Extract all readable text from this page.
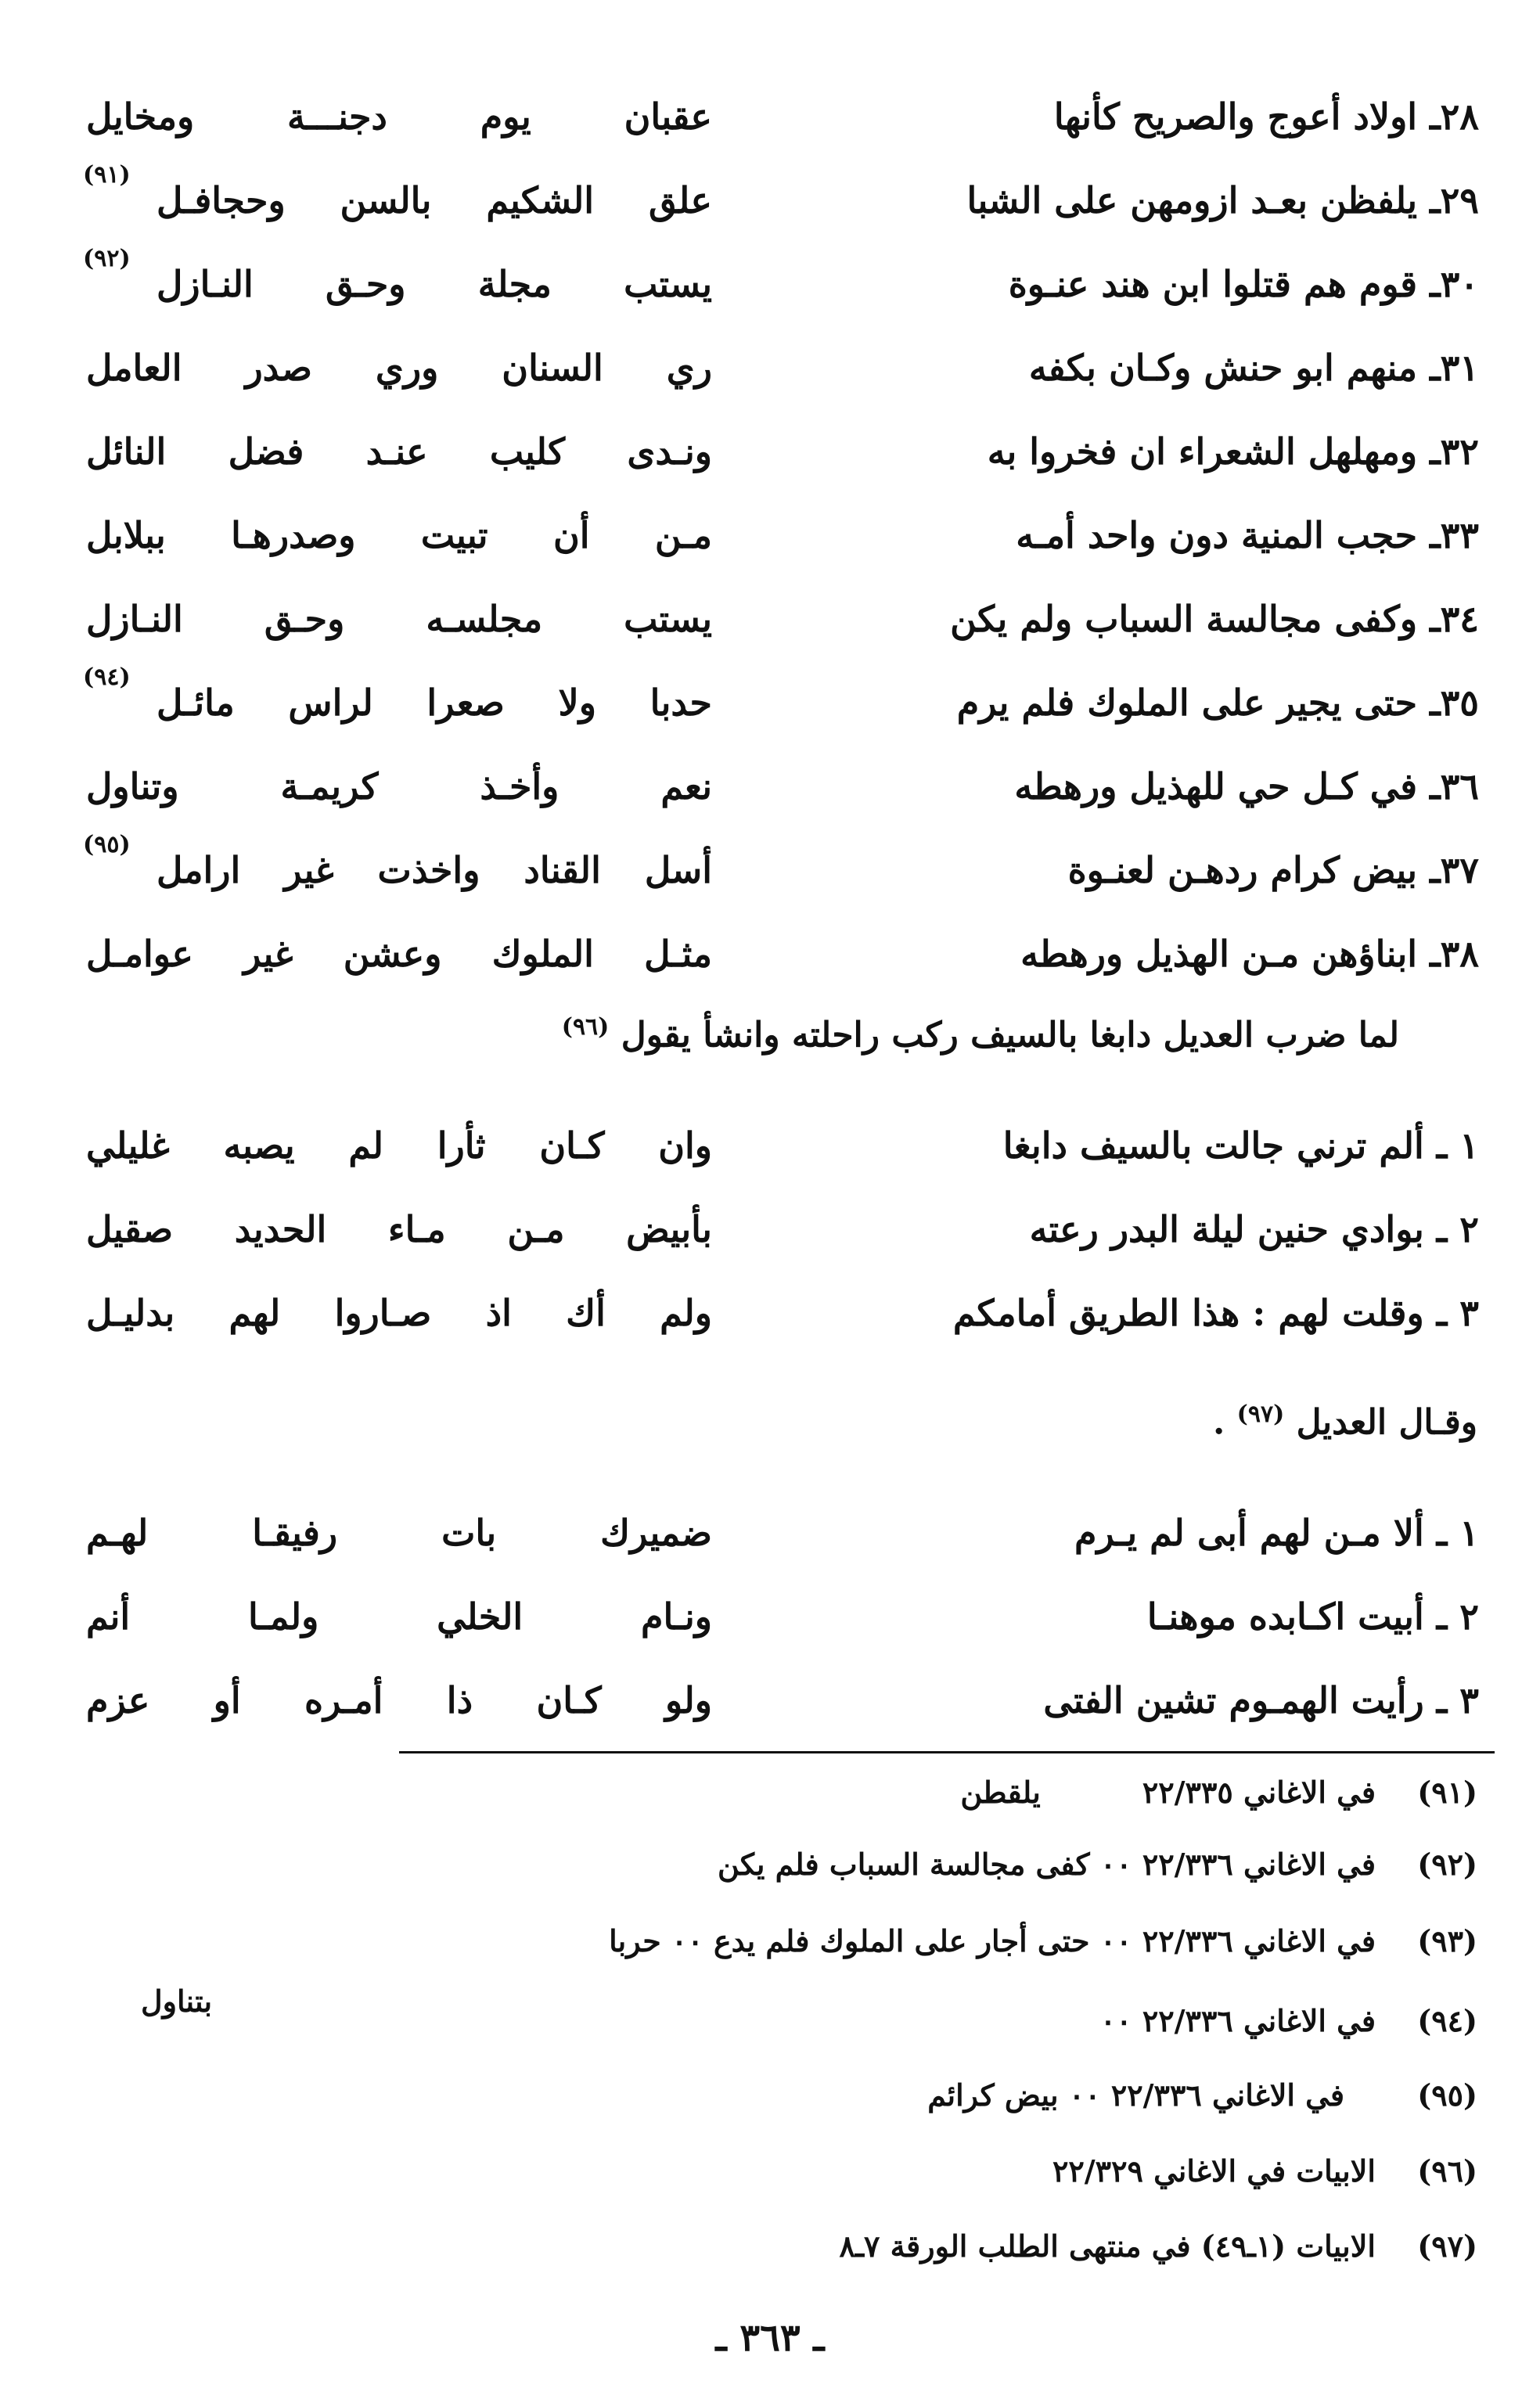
٢٨ـ اولاد أعوج والصريح كأنها
عقبان يوم دجنـــة ومخايل
٢٩ـ يلفظن بعـد ازومهن على الشبا
علق الشكيم بالسن وحجافـل
(٩١)
٣٠ـ قوم هم قتلوا ابن هند عنـوة
يستب مجلة وحـق النـازل
(٩٢)
٣١ـ منهم ابو حنش وكـان بكفه
ري السنان وري صدر العامل
٣٢ـ ومهلهل الشعراء ان فخروا به
ونـدى كليب عنـد فضل النائل
٣٣ـ حجب المنية دون واحد أمـه
مـن أن تبيت وصدرهـا ببلابل
٣٤ـ وكفى مجالسة السباب ولم يكن
يستب مجلسـه وحـق النـازل
٣٥ـ حتى يجير على الملوك فلم يرم
حدبا ولا صعرا لراس مائـل
(٩٤)
٣٦ـ في كـل حي للهذيل ورهطه
نعم وأخـذ كريمـة وتناول
٣٧ـ بيض كرام ردهـن لعنـوة
أسل القناد واخذت غير ارامل
(٩٥)
٣٨ـ ابناؤهن مـن الهذيل ورهطه
مثـل الملوك وعشن غير عوامـل
لما ضرب العديل دابغا بالسيف ركب راحلته وانشأ يقول $^{(٩٦)}$
١ ـ ألم ترني جالت بالسيف دابغا
وان كـان ثأرا لم يصبه غليلي
٢ ـ بوادي حنين ليلة البدر رعته
بأبيض مـن مـاء الحديد صقيل
٣ ـ وقلت لهم : هذا الطريق أمامكم
ولم أك اذ صـاروا لهم بدليـل
وقـال العديل $^{(٩٧)}$ .
١ ـ ألا مـن لهم أبى لم يـرم
ضميرك بات رفيقـا لهـم
٢ ـ أبيت اكـابده موهنـا
ونـام الخلي ولمـا أنم
٣ ـ رأيت الهمـوم تشين الفتى
ولو كـان ذا أمـره أو عزم
(٩١)في الاغاني ٢٢/٣٣٥يلقطن
(٩٢)في الاغاني ٢٢/٣٣٦ ٠٠ كفى مجالسة السباب فلم يكن
(٩٣)في الاغاني ٢٢/٣٣٦ ٠٠ حتى أجار على الملوك فلم يدع ٠٠ حربا
(٩٤)في الاغاني ٢٢/٣٣٦ ٠٠
بتناول
(٩٥)في الاغاني ٢٢/٣٣٦ ٠٠ بيض كرائم
(٩٦)الابيات في الاغاني ٢٢/٣٢٩
(٩٧)الابيات (١ـ٤٩) في منتهى الطلب الورقة ٧ـ٨
ـ ٣٦٣ ـ
